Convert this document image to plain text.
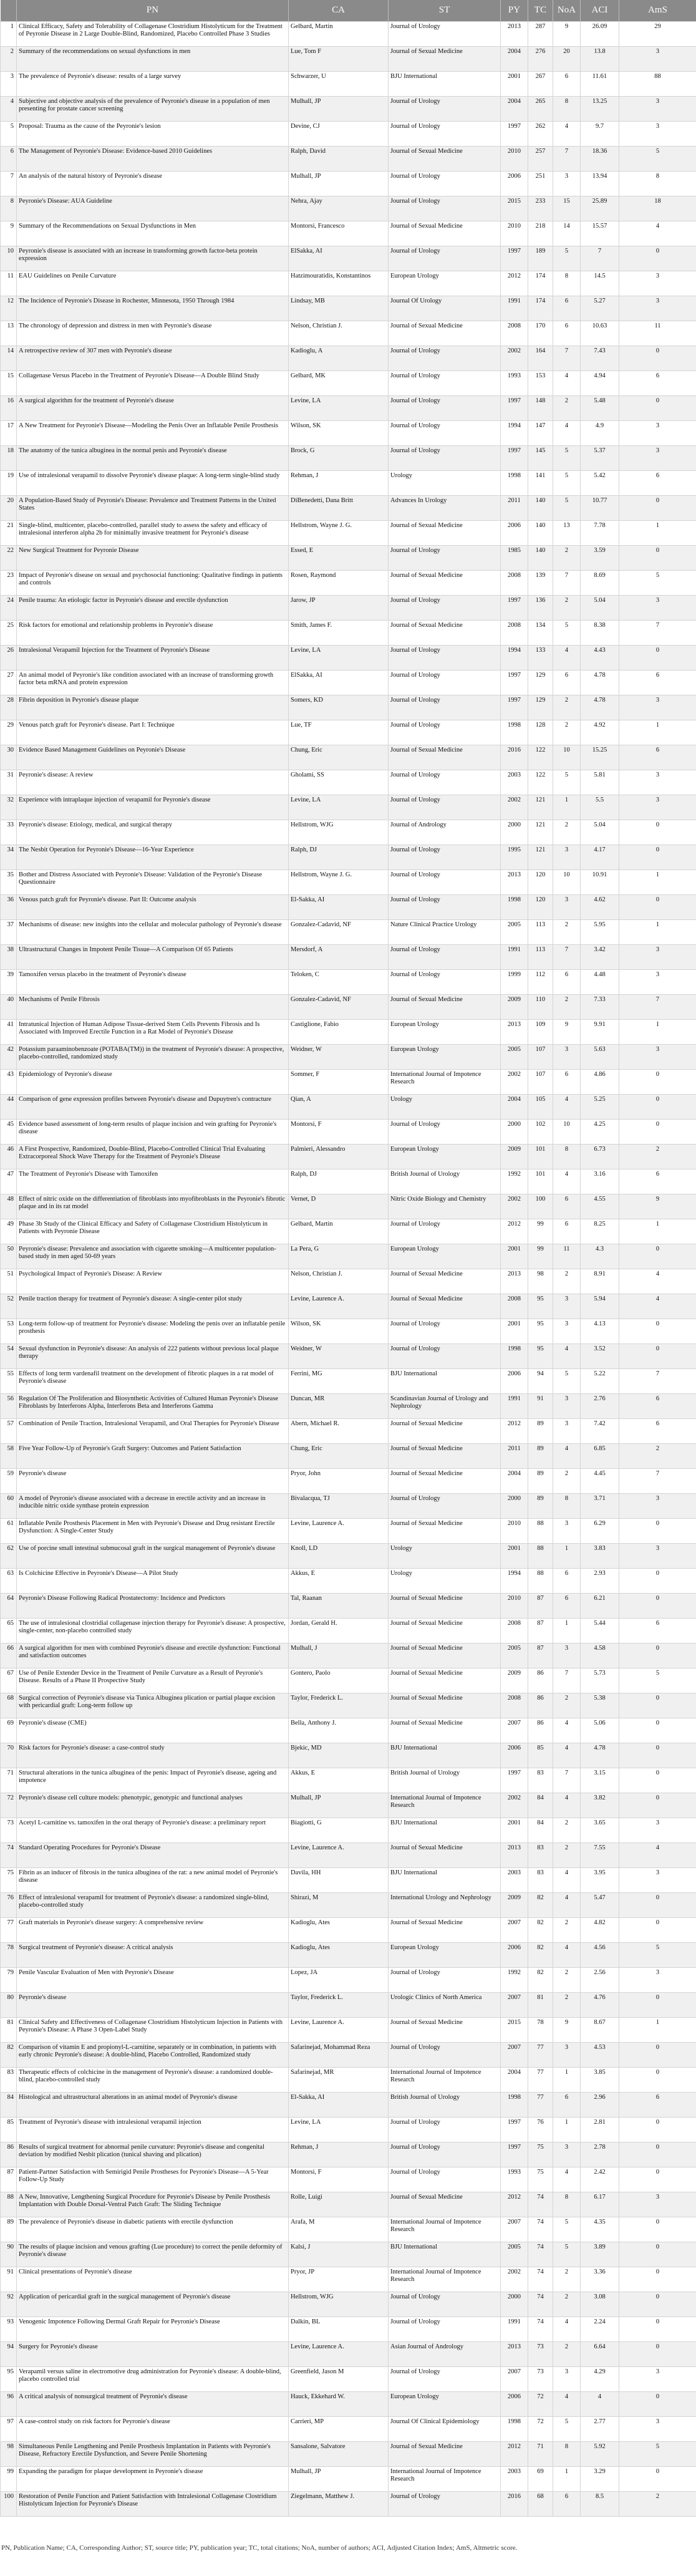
	PN	CA	ST	PY	TC	NoA	ACI	AmS
1	Clinical Efficacy, Safety and Tolerability of Collagenase Clostridium Histolyticum for the Treatment of Peyronie Disease in 2 Large Double-Blind, Randomized, Placebo Controlled Phase 3 Studies	Gelbard, Martin	Journal of Urology	2013	287	9	26.09	29
2	Summary of the recommendations on sexual dysfunctions in men	Lue, Tom F	Journal of Sexual Medicine	2004	276	20	13.8	3
3	The prevalence of Peyronie's disease: results of a large survey	Schwarzer, U	BJU International	2001	267	6	11.61	88
4	Subjective and objective analysis of the prevalence of Peyronie's disease in a population of men presenting for prostate cancer screening	Mulhall, JP	Journal of Urology	2004	265	8	13.25	3
5	Proposal: Trauma as the cause of the Peyronie's lesion	Devine, CJ	Journal of Urology	1997	262	4	9.7	3
6	The Management of Peyronie's Disease: Evidence-based 2010 Guidelines	Ralph, David	Journal of Sexual Medicine	2010	257	7	18.36	5
7	An analysis of the natural history of Peyronie's disease	Mulhall, JP	Journal of Urology	2006	251	3	13.94	8
8	Peyronie's Disease: AUA Guideline	Nehra, Ajay	Journal of Urology	2015	233	15	25.89	18
9	Summary of the Recommendations on Sexual Dysfunctions in Men	Montorsi, Francesco	Journal of Sexual Medicine	2010	218	14	15.57	4
10	Peyronie's disease is associated with an increase in transforming growth factor-beta protein expression	ElSakka, AI	Journal of Urology	1997	189	5	7	0
11	EAU Guidelines on Penile Curvature	Hatzimouratidis, Konstantinos	European Urology	2012	174	8	14.5	3
12	The Incidence of Peyronie's Disease in Rochester, Minnesota, 1950 Through 1984	Lindsay, MB	Journal Of Urology	1991	174	6	5.27	3
13	The chronology of depression and distress in men with Peyronie's disease	Nelson, Christian J.	Journal of Sexual Medicine	2008	170	6	10.63	11
14	A retrospective review of 307 men with Peyronie's disease	Kadioglu, A	Journal of Urology	2002	164	7	7.43	0
15	Collagenase Versus Placebo in the Treatment of Peyronie's Disease—A Double Blind Study	Gelbard, MK	Journal of Urology	1993	153	4	4.94	6
16	A surgical algorithm for the treatment of Peyronie's disease	Levine, LA	Journal of Urology	1997	148	2	5.48	0
17	A New Treatment for Peyronie's Disease—Modeling the Penis Over an Inflatable Penile Prosthesis	Wilson, SK	Journal of Urology	1994	147	4	4.9	3
18	The anatomy of the tunica albuginea in the normal penis and Peyronie's disease	Brock, G	Journal of Urology	1997	145	5	5.37	3
19	Use of intralesional verapamil to dissolve Peyronie's disease plaque: A long-term single-blind study	Rehman, J	Urology	1998	141	5	5.42	6
20	A Population-Based Study of Peyronie's Disease: Prevalence and Treatment Patterns in the United States	DiBenedetti, Dana Britt	Advances In Urology	2011	140	5	10.77	0
21	Single-blind, multicenter, placebo-controlled, parallel study to assess the safety and efficacy of intralesional interferon alpha 2b for minimally invasive treatment for Peyronie's disease	Hellstrom, Wayne J. G.	Journal of Sexual Medicine	2006	140	13	7.78	1
22	New Surgical Treatment for Peyronie Disease	Essed, E	Journal of Urology	1985	140	2	3.59	0
23	Impact of Peyronie's disease on sexual and psychosocial functioning: Qualitative findings in patients and controls	Rosen, Raymond	Journal of Sexual Medicine	2008	139	7	8.69	5
24	Penile trauma: An etiologic factor in Peyronie's disease and erectile dysfunction	Jarow, JP	Journal of Urology	1997	136	2	5.04	3
25	Risk factors for emotional and relationship problems in Peyronie's disease	Smith, James F.	Journal of Sexual Medicine	2008	134	5	8.38	7
26	Intralesional Verapamil Injection for the Treatment of Peyronie's Disease	Levine, LA	Journal of Urology	1994	133	4	4.43	0
27	An animal model of Peyronie's like condition associated with an increase of transforming growth factor beta mRNA and protein expression	ElSakka, AI	Journal of Urology	1997	129	6	4.78	6
28	Fibrin deposition in Peyronie's disease plaque	Somers, KD	Journal of Urology	1997	129	2	4.78	3
29	Venous patch graft for Peyronie's disease. Part I: Technique	Lue, TF	Journal of Urology	1998	128	2	4.92	1
30	Evidence Based Management Guidelines on Peyronie's Disease	Chung, Eric	Journal of Sexual Medicine	2016	122	10	15.25	6
31	Peyronie's disease: A review	Gholami, SS	Journal of Urology	2003	122	5	5.81	3
32	Experience with intraplaque injection of verapamil for Peyronie's disease	Levine, LA	Journal of Urology	2002	121	1	5.5	3
33	Peyronie's disease: Etiology, medical, and surgical therapy	Hellstrom, WJG	Journal of Andrology	2000	121	2	5.04	0
34	The Nesbit Operation for Peyronie's Disease—16-Year Experience	Ralph, DJ	Journal of Urology	1995	121	3	4.17	0
35	Bother and Distress Associated with Peyronie's Disease: Validation of the Peyronie's Disease Questionnaire	Hellstrom, Wayne J. G.	Journal of Urology	2013	120	10	10.91	1
36	Venous patch graft for Peyronie's disease. Part II: Outcome analysis	El-Sakka, AI	Journal of Urology	1998	120	3	4.62	0
37	Mechanisms of disease: new insights into the cellular and molecular pathology of Peyronie's disease	Gonzalez-Cadavid, NF	Nature Clinical Practice Urology	2005	113	2	5.95	1
38	Ultrastructural Changes in Impotent Penile Tissue—A Comparison Of 65 Patients	Mersdorf, A	Journal of Urology	1991	113	7	3.42	3
39	Tamoxifen versus placebo in the treatment of Peyronie's disease	Teloken, C	Journal of Urology	1999	112	6	4.48	3
40	Mechanisms of Penile Fibrosis	Gonzalez-Cadavid, NF	Journal of Sexual Medicine	2009	110	2	7.33	7
41	Intratunical Injection of Human Adipose Tissue-derived Stem Cells Prevents Fibrosis and Is Associated with Improved Erectile Function in a Rat Model of Peyronie's Disease	Castiglione, Fabio	European Urology	2013	109	9	9.91	1
42	Potassium paraaminobenzoate (POTABA(TM)) in the treatment of Peyronie's disease: A prospective, placebo-controlled, randomized study	Weidner, W	European Urology	2005	107	3	5.63	3
43	Epidemiology of Peyronie's disease	Sommer, F	International Journal of Impotence Research	2002	107	6	4.86	0
44	Comparison of gene expression profiles between Peyronie's disease and Dupuytren's contracture	Qian, A	Urology	2004	105	4	5.25	0
45	Evidence based assessment of long-term results of plaque incision and vein grafting for Peyronie's disease	Montorsi, F	Journal of Urology	2000	102	10	4.25	0
46	A First Prospective, Randomized, Double-Blind, Placebo-Controlled Clinical Trial Evaluating Extracorporeal Shock Wave Therapy for the Treatment of Peyronie's Disease	Palmieri, Alessandro	European Urology	2009	101	8	6.73	2
47	The Treatment of Peyronie's Disease with Tamoxifen	Ralph, DJ	British Journal of Urology	1992	101	4	3.16	6
48	Effect of nitric oxide on the differentiation of fibroblasts into myofibroblasts in the Peyronie's fibrotic plaque and in its rat model	Vernet, D	Nitric Oxide Biology and Chemistry	2002	100	6	4.55	9
49	Phase 3b Study of the Clinical Efficacy and Safety of Collagenase Clostridium Histolyticum in Patients with Peyronie Disease	Gelbard, Martin	Journal of Urology	2012	99	6	8.25	1
50	Peyronie's disease: Prevalence and association with cigarette smoking—A multicenter population-based study in men aged 50-69 years	La Pera, G	European Urology	2001	99	11	4.3	0
51	Psychological Impact of Peyronie's Disease: A Review	Nelson, Christian J.	Journal of Sexual Medicine	2013	98	2	8.91	4
52	Penile traction therapy for treatment of Peyronie's disease: A single-center pilot study	Levine, Laurence A.	Journal of Sexual Medicine	2008	95	3	5.94	4
53	Long-term follow-up of treatment for Peyronie's disease: Modeling the penis over an inflatable penile prosthesis	Wilson, SK	Journal of Urology	2001	95	3	4.13	0
54	Sexual dysfunction in Peyronie's disease: An analysis of 222 patients without previous local plaque therapy	Weidner, W	Journal of Urology	1998	95	4	3.52	0
55	Effects of long term vardenafil treatment on the development of fibrotic plaques in a rat model of Peyronie's disease	Ferrini, MG	BJU International	2006	94	5	5.22	7
56	Regulation Of The Proliferation and Biosynthetic Activities of Cultured Human Peyronie's Disease Fibroblasts by Interferons Alpha, Interferons Beta and Interferons Gamma	Duncan, MR	Scandinavian Journal of Urology and Nephrology	1991	91	3	2.76	6
57	Combination of Penile Traction, Intralesional Verapamil, and Oral Therapies for Peyronie's Disease	Abern, Michael R.	Journal of Sexual Medicine	2012	89	3	7.42	6
58	Five Year Follow-Up of Peyronie's Graft Surgery: Outcomes and Patient Satisfaction	Chung, Eric	Journal of Sexual Medicine	2011	89	4	6.85	2
59	Peyronie's disease	Pryor, John	Journal of Sexual Medicine	2004	89	2	4.45	7
60	A model of Peyronie's disease associated with a decrease in erectile activity and an increase in inducible nitric oxide synthase protein expression	Bivalacqua, TJ	Journal of Urology	2000	89	8	3.71	3
61	Inflatable Penile Prosthesis Placement in Men with Peyronie's Disease and Drug resistant Erectile Dysfunction: A Single-Center Study	Levine, Laurence A.	Journal of Sexual Medicine	2010	88	3	6.29	0
62	Use of porcine small intestinal submucosal graft in the surgical management of Peyronie's disease	Knoll, LD	Urology	2001	88	1	3.83	3
63	Is Colchicine Effective in Peyronie's Disease—A Pilot Study	Akkus, E	Urology	1994	88	6	2.93	0
64	Peyronie's Disease Following Radical Prostatectomy: Incidence and Predictors	Tal, Raanan	Journal of Sexual Medicine	2010	87	6	6.21	0
65	The use of intralesional clostridial collagenase injection therapy for Peyronie's disease: A prospective, single-center, non-placebo controlled study	Jordan, Gerald H.	Journal of Sexual Medicine	2008	87	1	5.44	6
66	A surgical algorithm for men with combined Peyronie's disease and erectile dysfunction: Functional and satisfaction outcomes	Mulhall, J	Journal of Sexual Medicine	2005	87	3	4.58	0
67	Use of Penile Extender Device in the Treatment of Penile Curvature as a Result of Peyronie's Disease. Results of a Phase II Prospective Study	Gontero, Paolo	Journal of Sexual Medicine	2009	86	7	5.73	5
68	Surgical correction of Peyronie's disease via Tunica Albuginea plication or partial plaque excision with pericardial graft: Long-term follow up	Taylor, Frederick L.	Journal of Sexual Medicine	2008	86	2	5.38	0
69	Peyronie's disease (CME)	Bella, Anthony J.	Journal of Sexual Medicine	2007	86	4	5.06	0
70	Risk factors for Peyronie's disease: a case-control study	Bjekic, MD	BJU International	2006	85	4	4.78	0
71	Structural alterations in the tunica albuginea of the penis: Impact of Peyronie's disease, ageing and impotence	Akkus, E	British Journal of Urology	1997	83	7	3.15	0
72	Peyronie's disease cell culture models: phenotypic, genotypic and functional analyses	Mulhall, JP	International Journal of Impotence Research	2002	84	4	3.82	0
73	Acetyl L-carnitine vs. tamoxifen in the oral therapy of Peyronie's disease: a preliminary report	Biagiotti, G	BJU International	2001	84	2	3.65	3
74	Standard Operating Procedures for Peyronie's Disease	Levine, Laurence A.	Journal of Sexual Medicine	2013	83	2	7.55	4
75	Fibrin as an inducer of fibrosis in the tunica albuginea of the rat: a new animal model of Peyronie's disease	Davila, HH	BJU International	2003	83	4	3.95	3
76	Effect of intralesional verapamil for treatment of Peyronie's disease: a randomized single-blind, placebo-controlled study	Shirazi, M	International Urology and Nephrology	2009	82	4	5.47	0
77	Graft materials in Peyronie's disease surgery: A comprehensive review	Kadioglu, Ates	Journal of Sexual Medicine	2007	82	2	4.82	0
78	Surgical treatment of Peyronie's disease: A critical analysis	Kadioglu, Ates	European Urology	2006	82	4	4.56	5
79	Penile Vascular Evaluation of Men with Peyronie's Disease	Lopez, JA	Journal of Urology	1992	82	2	2.56	3
80	Peyronie's disease	Taylor, Frederick L.	Urologic Clinics of North America	2007	81	2	4.76	0
81	Clinical Safety and Effectiveness of Collagenase Clostridium Histolyticum Injection in Patients with Peyronie's Disease: A Phase 3 Open-Label Study	Levine, Laurence A.	Journal of Sexual Medicine	2015	78	9	8.67	1
82	Comparison of vitamin E and propionyl-L-carnitine, separately or in combination, in patients with early chronic Peyronie's disease: A double-blind, Placebo Controlled, Randomized study	Safarinejad, Mohammad Reza	Journal of Urology	2007	77	3	4.53	0
83	Therapeutic effects of colchicine in the management of Peyronie's disease: a randomized double-blind, placebo-controlled study	Safarinejad, MR	International Journal of Impotence Research	2004	77	1	3.85	0
84	Histological and ultrastructural alterations in an animal model of Peyronie's disease	El-Sakka, AI	British Journal of Urology	1998	77	6	2.96	6
85	Treatment of Peyronie's disease with intralesional verapamil injection	Levine, LA	Journal of Urology	1997	76	1	2.81	0
86	Results of surgical treatment for abnormal penile curvature: Peyronie's disease and congenital deviation by modified Nesbit plication (tunical shaving and plication)	Rehman, J	Journal of Urology	1997	75	3	2.78	0
87	Patient-Partner Satisfaction with Semirigid Penile Prostheses for Peyronie's Disease—A 5-Year Follow-Up Study	Montorsi, F	Journal of Urology	1993	75	4	2.42	0
88	A New, Innovative, Lengthening Surgical Procedure for Peyronie's Disease by Penile Prosthesis Implantation with Double Dorsal-Ventral Patch Graft: The Sliding Technique	Rolle, Luigi	Journal of Sexual Medicine	2012	74	8	6.17	3
89	The prevalence of Peyronie's disease in diabetic patients with erectile dysfunction	Arafa, M	International Journal of Impotence Research	2007	74	5	4.35	0
90	The results of plaque incision and venous grafting (Lue procedure) to correct the penile deformity of Peyronie's disease	Kalsi, J	BJU International	2005	74	5	3.89	0
91	Clinical presentations of Peyronie's disease	Pryor, JP	International Journal of Impotence Research	2002	74	2	3.36	0
92	Application of pericardial graft in the surgical management of Peyronie's disease	Hellstrom, WJG	Journal of Urology	2000	74	2	3.08	0
93	Venogenic Impotence Following Dermal Graft Repair for Peyronie's Disease	Dalkin, BL	Journal of Urology	1991	74	4	2.24	0
94	Surgery for Peyronie's disease	Levine, Laurence A.	Asian Journal of Andrology	2013	73	2	6.64	0
95	Verapamil versus saline in electromotive drug administration for Peyronie's disease: A double-blind, placebo controlled trial	Greenfield, Jason M	Journal of Urology	2007	73	3	4.29	3
96	A critical analysis of nonsurgical treatment of Peyronie's disease	Hauck, Ekkehard W.	European Urology	2006	72	4	4	0
97	A case-control study on risk factors for Peyronie's disease	Carrieri, MP	Journal Of Clinical Epidemiology	1998	72	5	2.77	3
98	Simultaneous Penile Lengthening and Penile Prosthesis Implantation in Patients with Peyronie's Disease, Refractory Erectile Dysfunction, and Severe Penile Shortening	Sansalone, Salvatore	Journal of Sexual Medicine	2012	71	8	5.92	5
99	Expanding the paradigm for plaque development in Peyronie's disease	Mulhall, JP	International Journal of Impotence Research	2003	69	1	3.29	0
100	Restoration of Penile Function and Patient Satisfaction with Intralesional Collagenase Clostridium Histolyticum Injection for Peyronie's Disease	Ziegelmann, Matthew J.	Journal of Urology	2016	68	6	8.5	2
PN, Publication Name; CA, Corresponding Author; ST, source title; PY, publication year; TC, total citations; NoA, number of authors; ACI, Adjusted Citation Index; AmS, Altmetric score.
